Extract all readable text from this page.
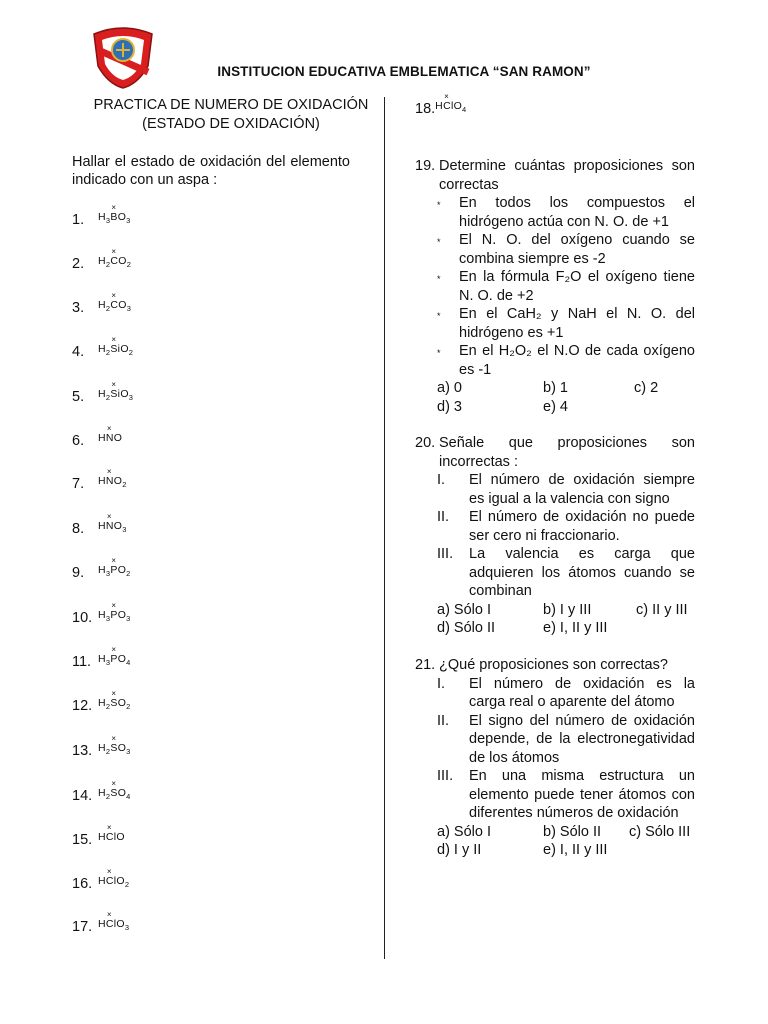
INSTITUCION EDUCATIVA EMBLEMATICA “SAN RAMON”
PRACTICA DE NUMERO DE OXIDACIÓN (ESTADO DE OXIDACIÓN)
Hallar el estado de oxidación del elemento indicado con un aspa :
1. $H_3$
×
$BO_3$
2. $H_2$
×
$CO_2$
3. $H_2$
×
$CO_3$
4. $H_2$
×
SiO$_2$
5. $H_2$
×
SiO$_3$
6. H
×
NO
7. H
×
$NO_2$
8. H
×
$NO_3$
9. $H_3$
×
$PO_2$
10. $H_3$
×
$PO_3$
11. $H_3$
×
$PO_4$
12. $H_2$
×
$SO_2$
13. $H_2$
×
$SO_3$
14. $H_2$
×
$SO_4$
15. H
×
ClO
16. H
×
ClO$_2$
17. H
×
ClO$_3$
18.H
×
ClO$_4$
19. Determine cuántas proposiciones son correctas
*	En todos los compuestos el hidrógeno actúa con N. O. de +1
*	El N. O. del oxígeno cuando se combina siempre es -2
*	En la fórmula F₂O el oxígeno tiene N. O. de +2
*	En el CaH₂ y NaH el N. O. del hidrógeno es +1
*	En el H₂O₂ el N.O de cada oxígeno es -1
a) 0	b) 1	c) 2
d) 3	e) 4
20. Señale que proposiciones son incorrectas :
I.	El número de oxidación siempre es igual a la valencia con signo
II.	El número de oxidación no puede ser cero ni fraccionario.
III.	La valencia es carga que adquieren los átomos cuando se combinan
a) Sólo I	b) I y III	c) II y III
d) Sólo II	e) I, II y III
21. ¿Qué proposiciones son correctas?
I.	El número de oxidación es la carga real o aparente del átomo
II.	El signo del número de oxidación depende, de la electronegatividad de los átomos
III.	En una misma estructura un elemento puede tener átomos con diferentes números de oxidación
a) Sólo I	b) Sólo II c) Sólo III
d) I y II	e) I, II y III
